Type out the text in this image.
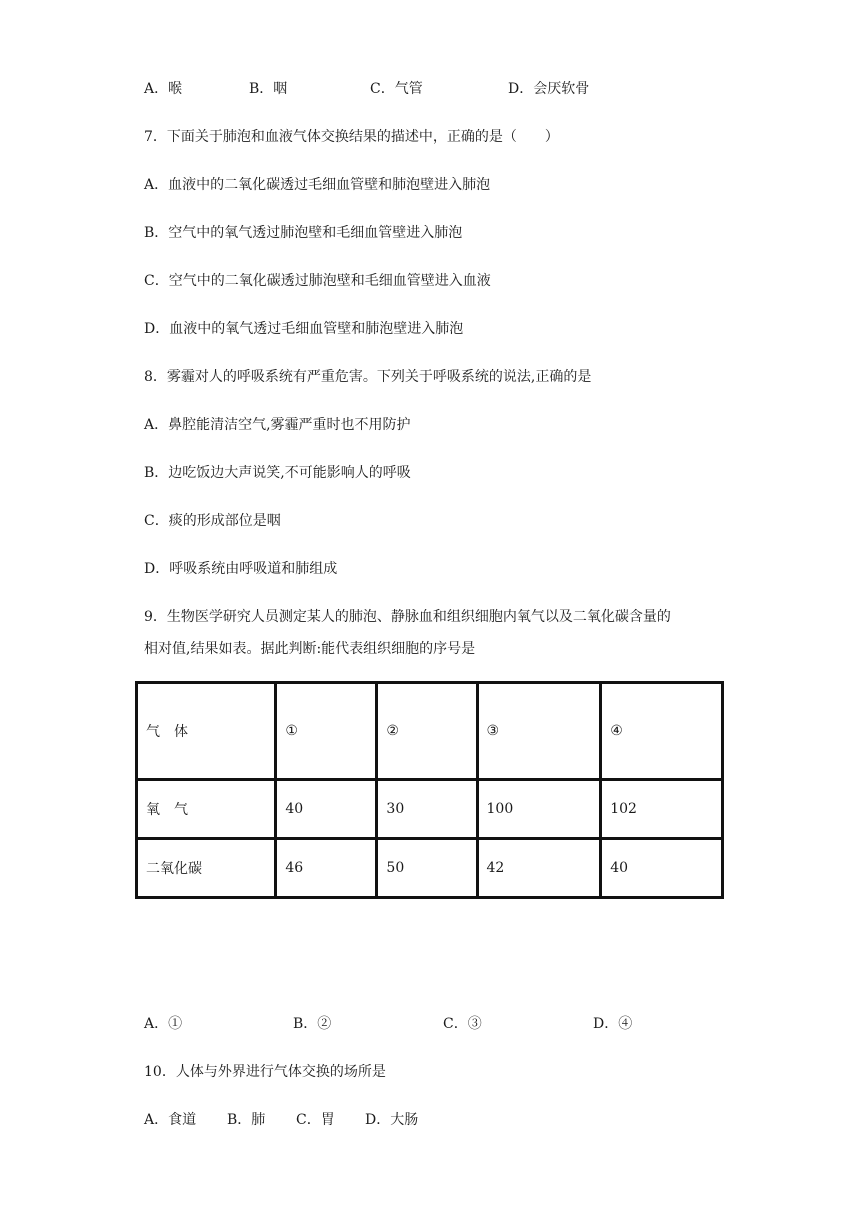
A．喉	B．咽	C．气管	D．会厌软骨
7．下面关于肺泡和血液气体交换结果的描述中，正确的是（　　）
A．血液中的二氧化碳透过毛细血管壁和肺泡壁进入肺泡
B．空气中的氧气透过肺泡壁和毛细血管壁进入肺泡
C．空气中的二氧化碳透过肺泡壁和毛细血管壁进入血液
D．血液中的氧气透过毛细血管壁和肺泡壁进入肺泡
8．雾霾对人的呼吸系统有严重危害。下列关于呼吸系统的说法,正确的是
A．鼻腔能清洁空气,雾霾严重时也不用防护
B．边吃饭边大声说笑,不可能影响人的呼吸
C．痰的形成部位是咽
D．呼吸系统由呼吸道和肺组成
9．生物医学研究人员测定某人的肺泡、静脉血和组织细胞内氧气以及二氧化碳含量的
相对值,结果如表。据此判断:能代表组织细胞的序号是
气　体	①	②	③	④
氧　气	40	30	100	102
二氧化碳	46	50	42	40
A．①	B．②	C．③	D．④
10．人体与外界进行气体交换的场所是
A．食道 B．肺 C．胃 D．大肠
